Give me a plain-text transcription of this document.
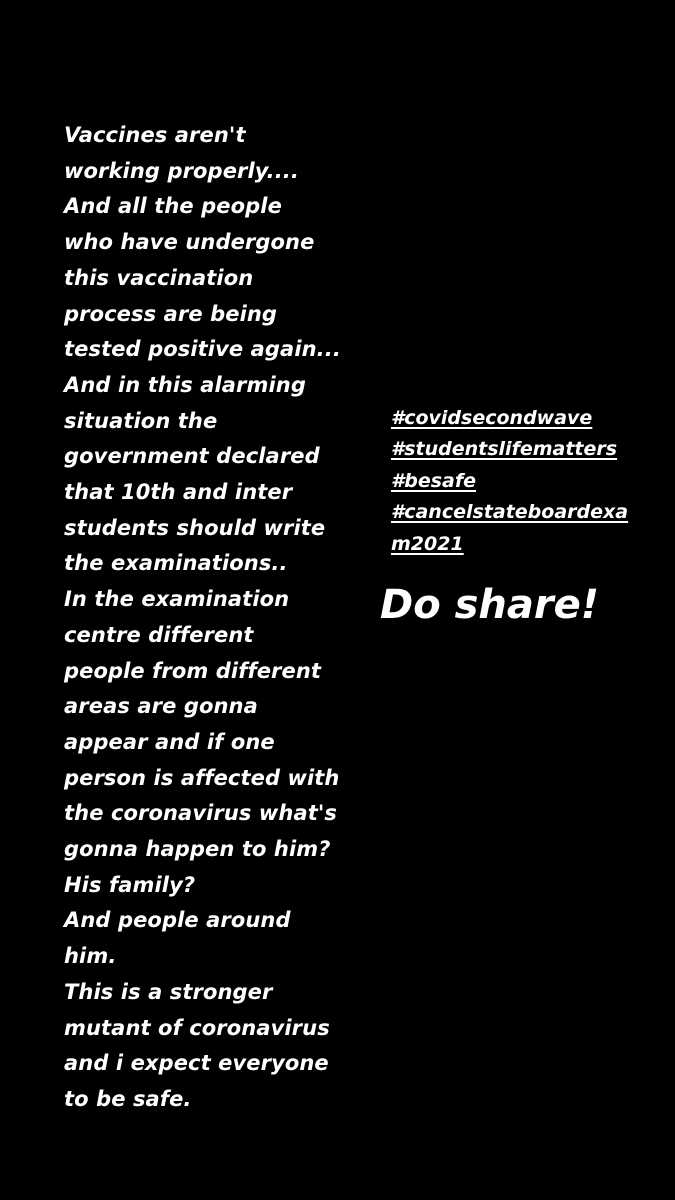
Vaccines aren't
working properly....
And all the people
who have undergone
this vaccination
process are being
tested positive again...
And in this alarming
situation the
government declared
that 10th and inter
students should write
the examinations..
In the examination
centre different
people from different
areas are gonna
appear and if one
person is affected with
the coronavirus what's
gonna happen to him?
His family?
And people around
him.
This is a stronger
mutant of coronavirus
and i expect everyone
to be safe.
#covidsecondwave
#studentslifematters
#besafe
#cancelstateboardexa
m2021
Do share!
